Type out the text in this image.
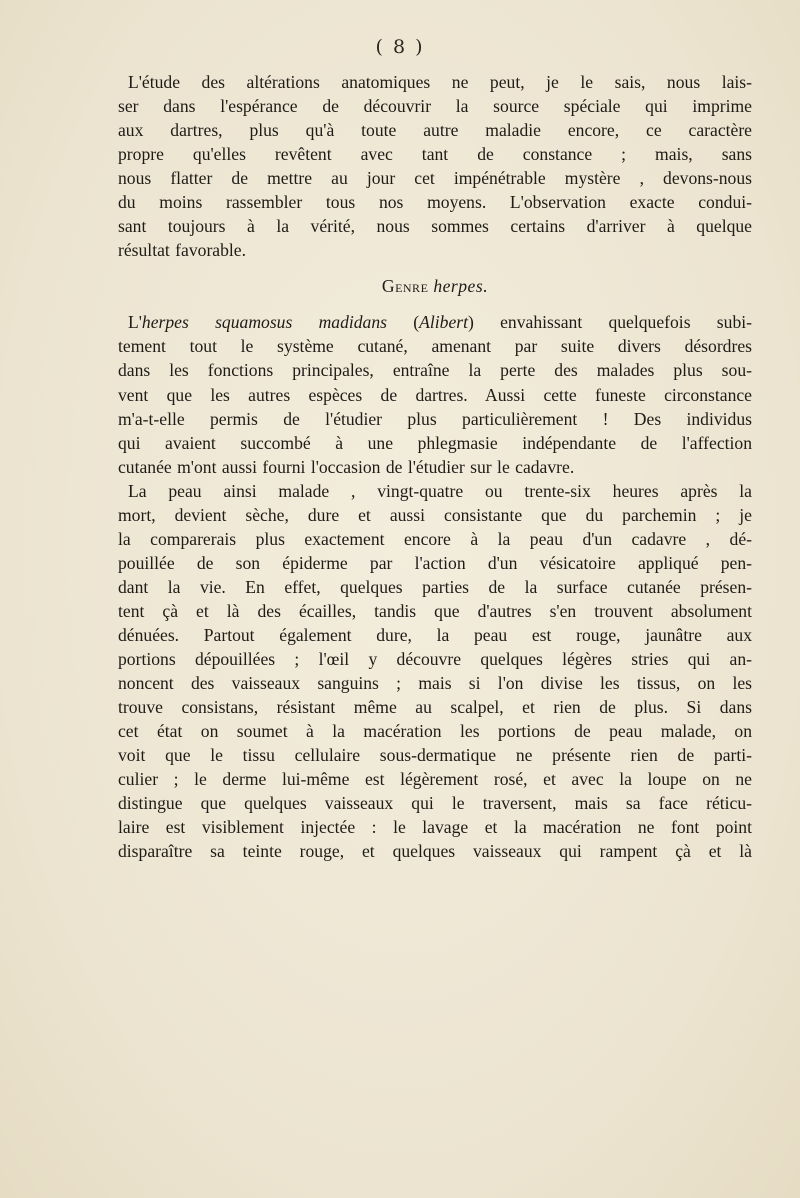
( 8 )
L'étude des altérations anatomiques ne peut, je le sais, nous lais-
ser dans l'espérance de découvrir la source spéciale qui imprime
aux dartres, plus qu'à toute autre maladie encore, ce caractère
propre qu'elles revêtent avec tant de constance ; mais, sans
nous flatter de mettre au jour cet impénétrable mystère , devons-nous
du moins rassembler tous nos moyens. L'observation exacte condui-
sant toujours à la vérité, nous sommes certains d'arriver à quelque
résultat favorable.
Genre herpes.
L'herpes squamosus madidans (Alibert) envahissant quelquefois subi-
tement tout le système cutané, amenant par suite divers désordres
dans les fonctions principales, entraîne la perte des malades plus sou-
vent que les autres espèces de dartres. Aussi cette funeste circonstance
m'a-t-elle permis de l'étudier plus particulièrement ! Des individus
qui avaient succombé à une phlegmasie indépendante de l'affection
cutanée m'ont aussi fourni l'occasion de l'étudier sur le cadavre.
La peau ainsi malade , vingt-quatre ou trente-six heures après la
mort, devient sèche, dure et aussi consistante que du parchemin ; je
la comparerais plus exactement encore à la peau d'un cadavre , dé-
pouillée de son épiderme par l'action d'un vésicatoire appliqué pen-
dant la vie. En effet, quelques parties de la surface cutanée présen-
tent çà et là des écailles, tandis que d'autres s'en trouvent absolument
dénuées. Partout également dure, la peau est rouge, jaunâtre aux
portions dépouillées ; l'œil y découvre quelques légères stries qui an-
noncent des vaisseaux sanguins ; mais si l'on divise les tissus, on les
trouve consistans, résistant même au scalpel, et rien de plus. Si dans
cet état on soumet à la macération les portions de peau malade, on
voit que le tissu cellulaire sous-dermatique ne présente rien de parti-
culier ; le derme lui-même est légèrement rosé, et avec la loupe on ne
distingue que quelques vaisseaux qui le traversent, mais sa face réticu-
laire est visiblement injectée : le lavage et la macération ne font point
disparaître sa teinte rouge, et quelques vaisseaux qui rampent çà et là
